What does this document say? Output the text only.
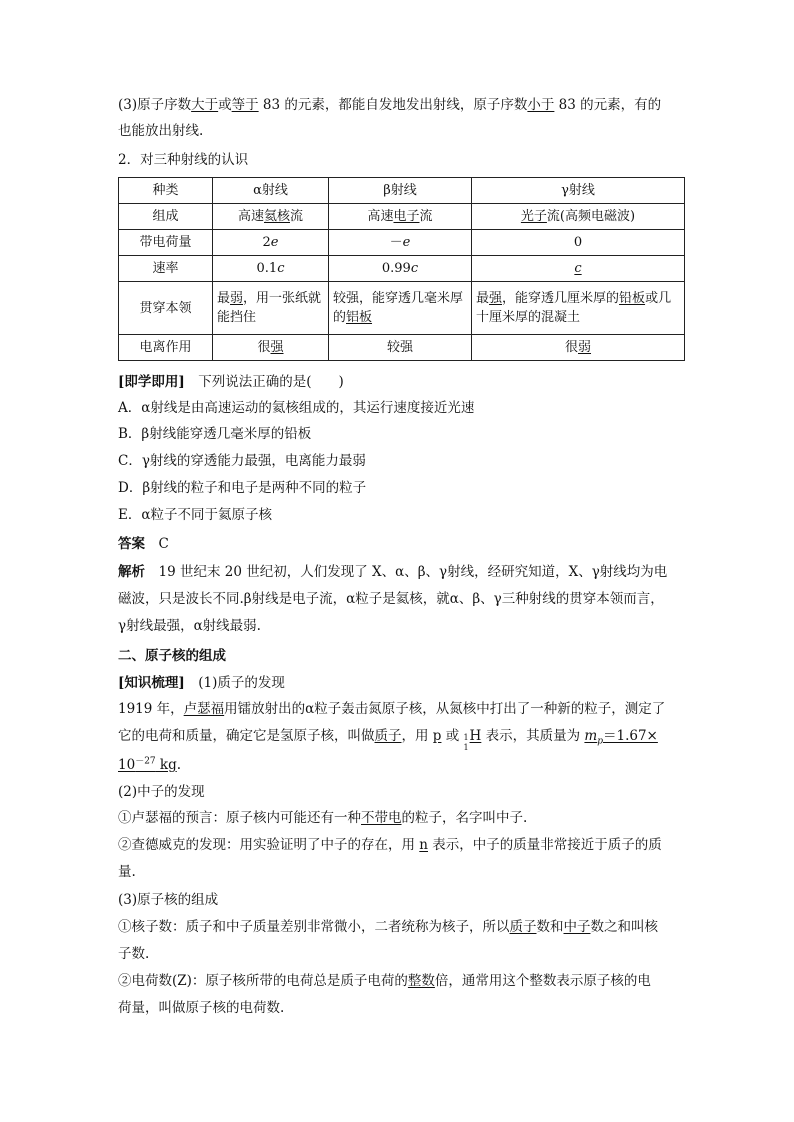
(3)原子序数大于或等于 83 的元素，都能自发地发出射线，原子序数小于 83 的元素，有的
也能放出射线.
2．对三种射线的认识
种类	α射线	β射线	γ射线
组成	高速氦核流	高速电子流	光子流(高频电磁波)
带电荷量	2e	－e	0
速率	0.1c	0.99c	c
贯穿本领	最弱，用一张纸就能挡住	较强，能穿透几毫米厚的铝板	最强，能穿透几厘米厚的铅板或几十厘米厚的混凝土
电离作用	很强	较强	很弱
[即学即用]　下列说法正确的是(　　)
A．α射线是由高速运动的氦核组成的，其运行速度接近光速
B．β射线能穿透几毫米厚的铅板
C．γ射线的穿透能力最强，电离能力最弱
D．β射线的粒子和电子是两种不同的粒子
E．α粒子不同于氦原子核
答案　C
解析　19 世纪末 20 世纪初，人们发现了 X、α、β、γ射线，经研究知道，X、γ射线均为电
磁波，只是波长不同.β射线是电子流，α粒子是氦核，就α、β、γ三种射线的贯穿本领而言，
γ射线最强，α射线最弱.
二、原子核的组成
[知识梳理]　(1)质子的发现
1919 年，卢瑟福用镭放射出的α粒子轰击氮原子核，从氮核中打出了一种新的粒子，测定了
它的电荷和质量，确定它是氢原子核，叫做质子，用 p 或 1
1
H 表示，其质量为 $m_p=1.67\times$
$10^{-27}$ kg.
(2)中子的发现
①卢瑟福的预言：原子核内可能还有一种不带电的粒子，名字叫中子.
②查德威克的发现：用实验证明了中子的存在，用 n 表示，中子的质量非常接近于质子的质
量.
(3)原子核的组成
①核子数：质子和中子质量差别非常微小，二者统称为核子，所以质子数和中子数之和叫核
子数.
②电荷数(Z)：原子核所带的电荷总是质子电荷的整数倍，通常用这个整数表示原子核的电
荷量，叫做原子核的电荷数.
